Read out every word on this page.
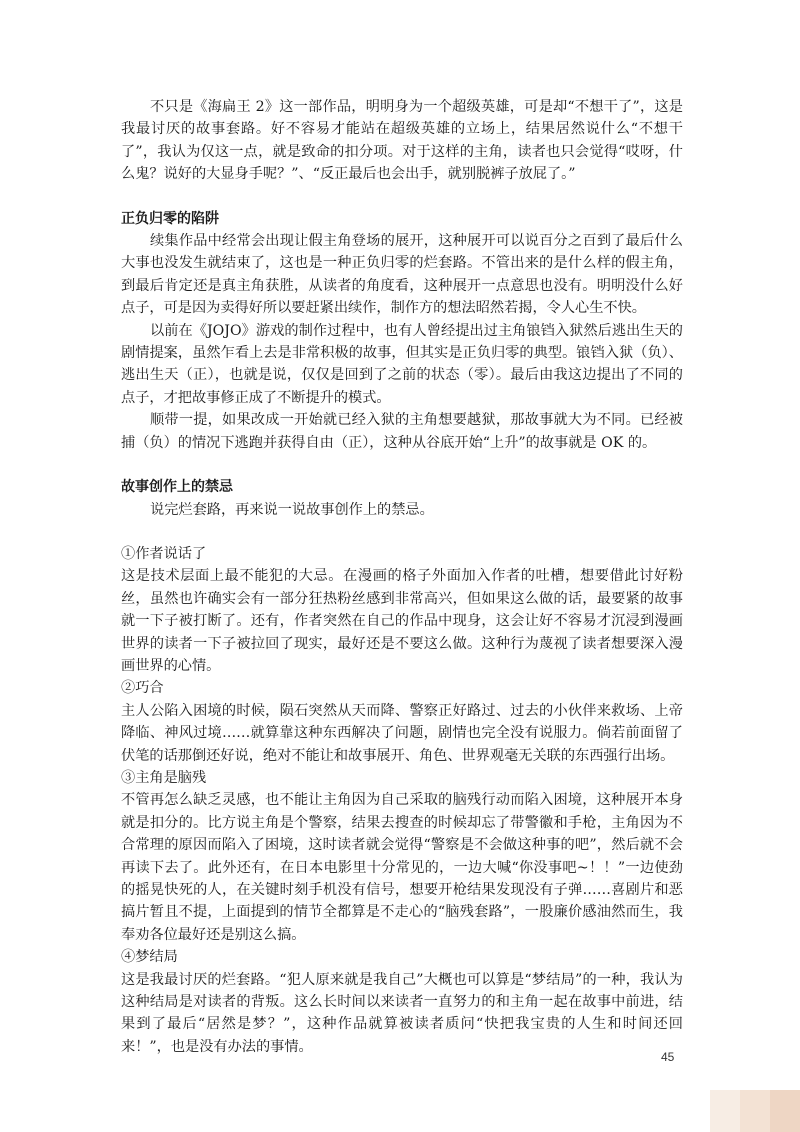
不只是《海扁王 2》这一部作品，明明身为一个超级英雄，可是却“不想干了”，这是我最讨厌的故事套路。好不容易才能站在超级英雄的立场上，结果居然说什么“不想干了”，我认为仅这一点，就是致命的扣分项。对于这样的主角，读者也只会觉得“哎呀，什么鬼？说好的大显身手呢？”、“反正最后也会出手，就别脱裤子放屁了。”

正负归零的陷阱

续集作品中经常会出现让假主角登场的展开，这种展开可以说百分之百到了最后什么大事也没发生就结束了，这也是一种正负归零的烂套路。不管出来的是什么样的假主角，到最后肯定还是真主角获胜，从读者的角度看，这种展开一点意思也没有。明明没什么好点子，可是因为卖得好所以要赶紧出续作，制作方的想法昭然若揭，令人心生不快。

以前在《JOJO》游戏的制作过程中，也有人曾经提出过主角锒铛入狱然后逃出生天的剧情提案，虽然乍看上去是非常积极的故事，但其实是正负归零的典型。锒铛入狱（负）、逃出生天（正），也就是说，仅仅是回到了之前的状态（零）。最后由我这边提出了不同的点子，才把故事修正成了不断提升的模式。

顺带一提，如果改成一开始就已经入狱的主角想要越狱，那故事就大为不同。已经被捕（负）的情况下逃跑并获得自由（正），这种从谷底开始“上升”的故事就是 OK 的。

故事创作上的禁忌

说完烂套路，再来说一说故事创作上的禁忌。

①作者说话了

这是技术层面上最不能犯的大忌。在漫画的格子外面加入作者的吐槽，想要借此讨好粉丝，虽然也许确实会有一部分狂热粉丝感到非常高兴，但如果这么做的话，最要紧的故事就一下子被打断了。还有，作者突然在自己的作品中现身，这会让好不容易才沉浸到漫画世界的读者一下子被拉回了现实，最好还是不要这么做。这种行为蔑视了读者想要深入漫画世界的心情。

②巧合

主人公陷入困境的时候，陨石突然从天而降、警察正好路过、过去的小伙伴来救场、上帝降临、神风过境……就算靠这种东西解决了问题，剧情也完全没有说服力。倘若前面留了伏笔的话那倒还好说，绝对不能让和故事展开、角色、世界观毫无关联的东西强行出场。

③主角是脑残

不管再怎么缺乏灵感，也不能让主角因为自己采取的脑残行动而陷入困境，这种展开本身就是扣分的。比方说主角是个警察，结果去搜查的时候却忘了带警徽和手枪，主角因为不合常理的原因而陷入了困境，这时读者就会觉得“警察是不会做这种事的吧”，然后就不会再读下去了。此外还有，在日本电影里十分常见的，一边大喊“你没事吧~！！”一边使劲的摇晃快死的人，在关键时刻手机没有信号，想要开枪结果发现没有子弹……喜剧片和恶搞片暂且不提，上面提到的情节全都算是不走心的“脑残套路”，一股廉价感油然而生，我奉劝各位最好还是别这么搞。

④梦结局

这是我最讨厌的烂套路。“犯人原来就是我自己”大概也可以算是“梦结局”的一种，我认为这种结局是对读者的背叛。这么长时间以来读者一直努力的和主角一起在故事中前进，结果到了最后“居然是梦？”，这种作品就算被读者质问“快把我宝贵的人生和时间还回来！”，也是没有办法的事情。

45
